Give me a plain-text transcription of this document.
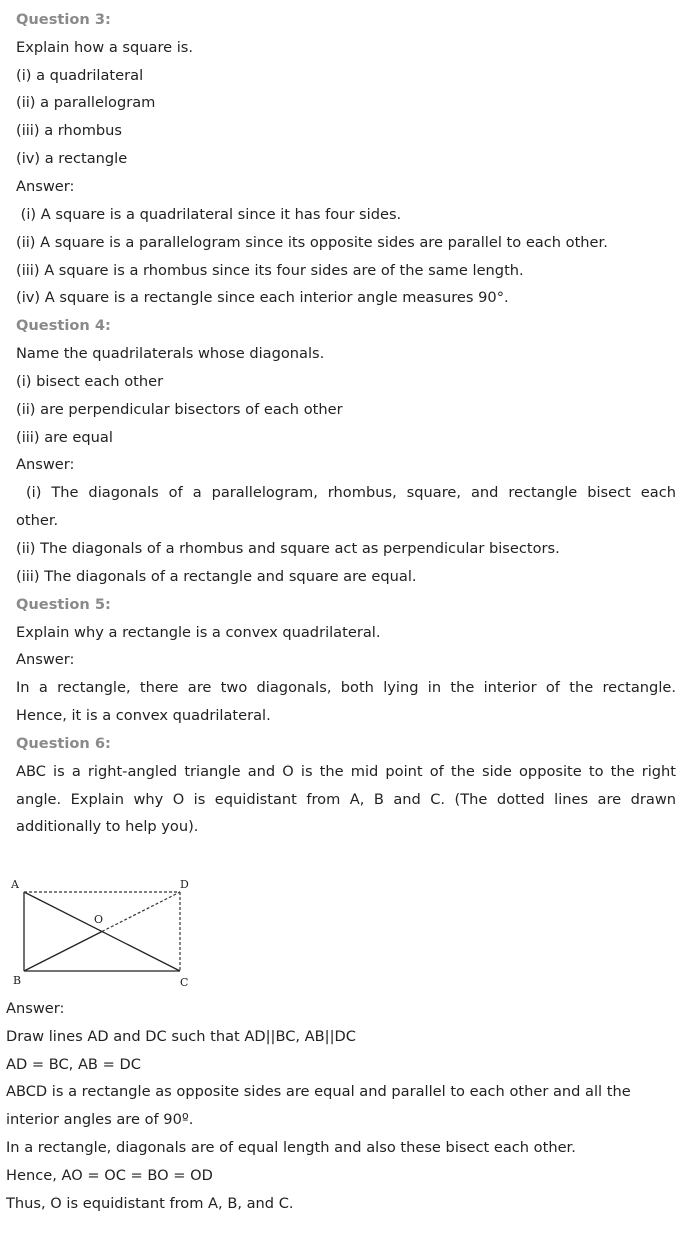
Question 3:
Explain how a square is.
(i) a quadrilateral
(ii) a parallelogram
(iii) a rhombus
(iv) a rectangle
Answer:
(i) A square is a quadrilateral since it has four sides.
(ii) A square is a parallelogram since its opposite sides are parallel to each other.
(iii) A square is a rhombus since its four sides are of the same length.
(iv) A square is a rectangle since each interior angle measures 90°.
Question 4:
Name the quadrilaterals whose diagonals.
(i) bisect each other
(ii) are perpendicular bisectors of each other
(iii) are equal
Answer:
(i) The diagonals of a parallelogram, rhombus, square, and rectangle bisect each
other.
(ii) The diagonals of a rhombus and square act as perpendicular bisectors.
(iii) The diagonals of a rectangle and square are equal.
Question 5:
Explain why a rectangle is a convex quadrilateral.
Answer:
In a rectangle, there are two diagonals, both lying in the interior of the rectangle.
Hence, it is a convex quadrilateral.
Question 6:
ABC is a right-angled triangle and O is the mid point of the side opposite to the right
angle. Explain why O is equidistant from A, B and C. (The dotted lines are drawn
additionally to help you).
A	D
O
B	C
Answer:
Draw lines AD and DC such that AD||BC, AB||DC
AD = BC, AB = DC
ABCD is a rectangle as opposite sides are equal and parallel to each other and all the
interior angles are of 90º.
In a rectangle, diagonals are of equal length and also these bisect each other.
Hence, AO = OC = BO = OD
Thus, O is equidistant from A, B, and C.
